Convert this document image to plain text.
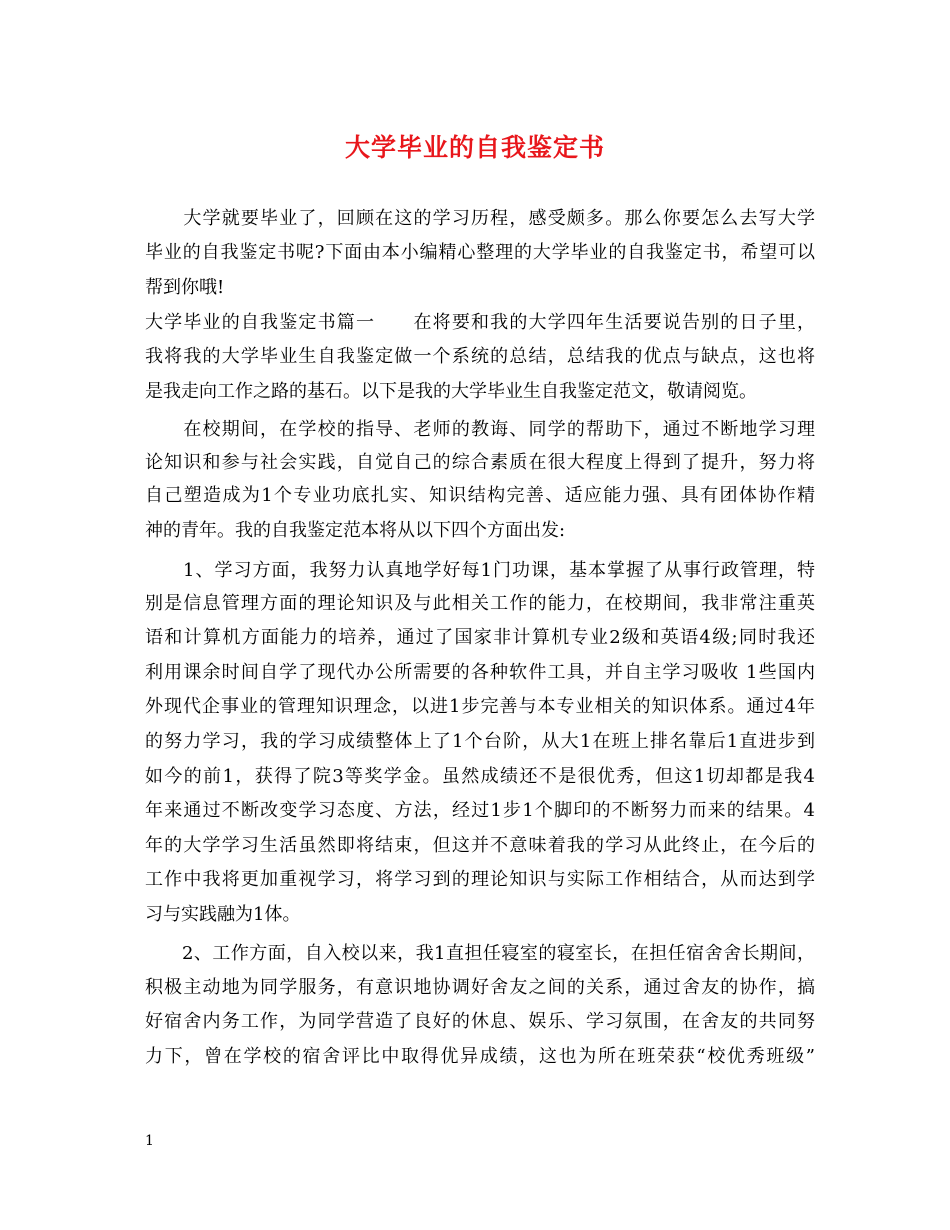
大学毕业的自我鉴定书
　　大学就要毕业了，回顾在这的学习历程，感受颇多。那么你要怎么去写大学
毕业的自我鉴定书呢?下面由本小编精心整理的大学毕业的自我鉴定书，希望可以
帮到你哦!
大学毕业的自我鉴定书篇一　　在将要和我的大学四年生活要说告别的日子里，
我将我的大学毕业生自我鉴定做一个系统的总结，总结我的优点与缺点，这也将
是我走向工作之路的基石。以下是我的大学毕业生自我鉴定范文，敬请阅览。
　　在校期间，在学校的指导、老师的教诲、同学的帮助下，通过不断地学习理
论知识和参与社会实践，自觉自己的综合素质在很大程度上得到了提升，努力将
自己塑造成为1个专业功底扎实、知识结构完善、适应能力强、具有团体协作精
神的青年。我的自我鉴定范本将从以下四个方面出发:
　　1、学习方面，我努力认真地学好每1门功课，基本掌握了从事行政管理，特
别是信息管理方面的理论知识及与此相关工作的能力，在校期间，我非常注重英
语和计算机方面能力的培养，通过了国家非计算机专业2级和英语4级;同时我还
利用课余时间自学了现代办公所需要的各种软件工具，并自主学习吸收 1些国内
外现代企事业的管理知识理念，以进1步完善与本专业相关的知识体系。通过4年
的努力学习，我的学习成绩整体上了1个台阶，从大1在班上排名靠后1直进步到
如今的前1，获得了院3等奖学金。虽然成绩还不是很优秀，但这1切却都是我4
年来通过不断改变学习态度、方法，经过1步1个脚印的不断努力而来的结果。4
年的大学学习生活虽然即将结束，但这并不意味着我的学习从此终止，在今后的
工作中我将更加重视学习，将学习到的理论知识与实际工作相结合，从而达到学
习与实践融为1体。
　　2、工作方面，自入校以来，我1直担任寝室的寝室长，在担任宿舍舍长期间，
积极主动地为同学服务，有意识地协调好舍友之间的关系，通过舍友的协作，搞
好宿舍内务工作，为同学营造了良好的休息、娱乐、学习氛围，在舍友的共同努
力下，曾在学校的宿舍评比中取得优异成绩，这也为所在班荣获“校优秀班级”
1
